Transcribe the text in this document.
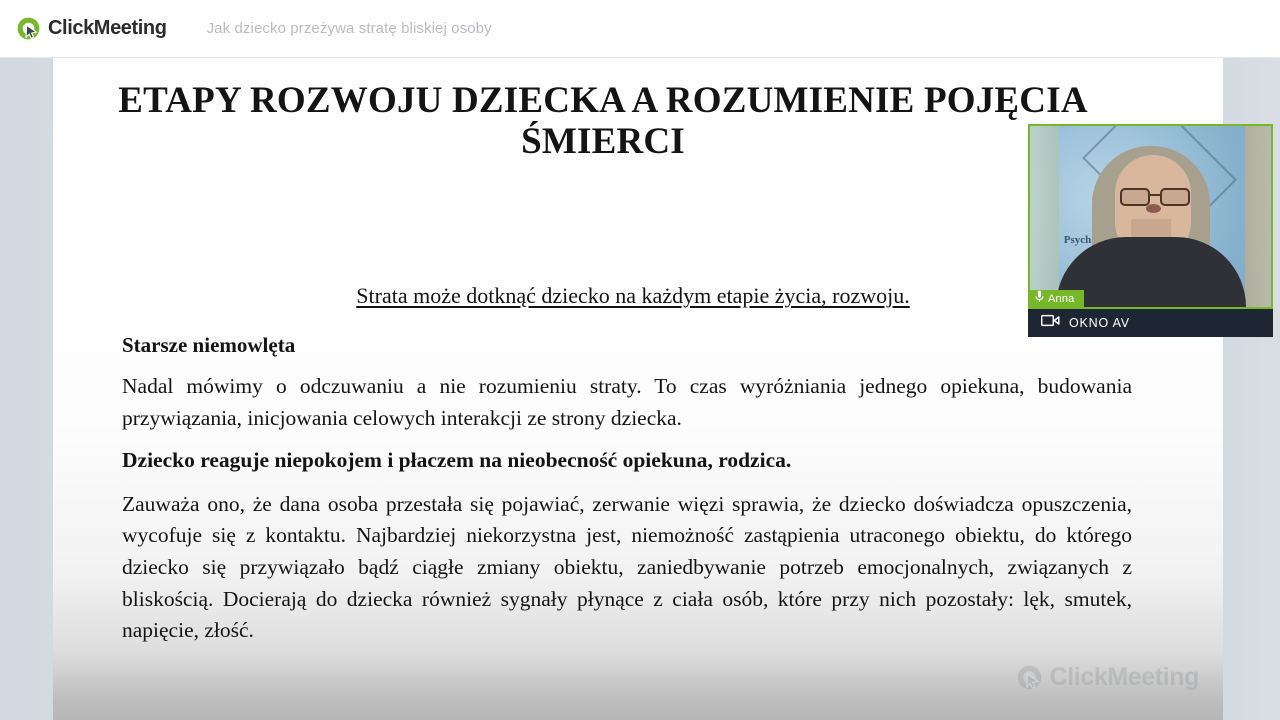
ClickMeeting	Jak dziecko przeżywa stratę bliskiej osoby
ETAPY ROZWOJU DZIECKA A ROZUMIENIE POJĘCIA ŚMIERCI
Strata może dotknąć dziecko na każdym etapie życia, rozwoju.
Starsze niemowlęta

Nadal mówimy o odczuwaniu a nie rozumieniu straty. To czas wyróżniania jednego opiekuna, budowania przywiązania, inicjowania celowych interakcji ze strony dziecka.

Dziecko reaguje niepokojem i płaczem na nieobecność opiekuna, rodzica.

Zauważa ono, że dana osoba przestała się pojawiać, zerwanie więzi sprawia, że dziecko doświadcza opuszczenia, wycofuje się z kontaktu. Najbardziej niekorzystna jest, niemożność zastąpienia utraconego obiektu, do którego dziecko się przywiązało bądź ciągłe zmiany obiektu, zaniedbywanie potrzeb emocjonalnych, związanych z bliskością. Docierają do dziecka również sygnały płynące z ciała osób, które przy nich pozostały: lęk, smutek, napięcie, złość.

ClickMeeting
Psych
Anna
OKNO AV
